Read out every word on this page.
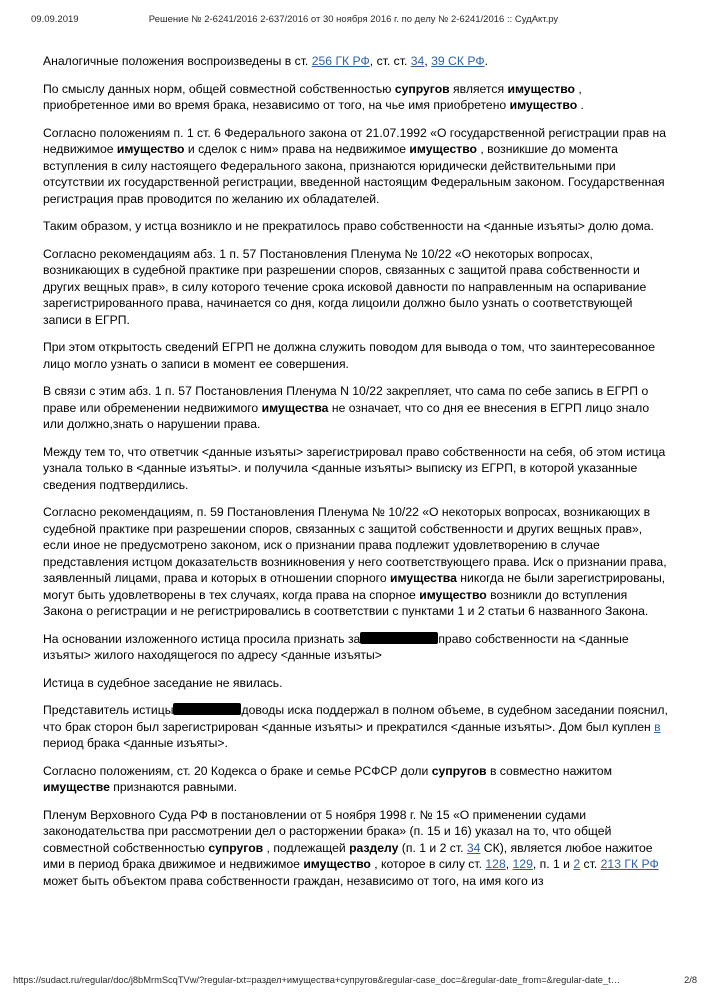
09.09.2019	Решение № 2-6241/2016 2-637/2016 от 30 ноября 2016 г. по делу № 2-6241/2016 :: СудАкт.ру

Аналогичные положения воспроизведены в ст. 256 ГК РФ, ст. ст. 34, 39 СК РФ.

По смыслу данных норм, общей совместной собственностью супругов является имущество , приобретенное ими во время брака, независимо от того, на чье имя приобретено имущество .

Согласно положениям п. 1 ст. 6 Федерального закона от 21.07.1992 «О государственной регистрации прав на недвижимое имущество и сделок с ним» права на недвижимое имущество , возникшие до момента вступления в силу настоящего Федерального закона, признаются юридически действительными при отсутствии их государственной регистрации, введенной настоящим Федеральным законом. Государственная регистрация прав проводится по желанию их обладателей.

Таким образом, у истца возникло и не прекратилось право собственности на <данные изъяты> долю дома.

Согласно рекомендациям абз. 1 п. 57 Постановления Пленума № 10/22 «О некоторых вопросах, возникающих в судебной практике при разрешении споров, связанных с защитой права собственности и других вещных прав», в силу которого течение срока исковой давности по направленным на оспаривание зарегистрированного права, начинается со дня, когда лицоили должно было узнать о соответствующей записи в ЕГРП.

При этом открытость сведений ЕГРП не должна служить поводом для вывода о том, что заинтересованное лицо могло узнать о записи в момент ее совершения.

В связи с этим абз. 1 п. 57 Постановления Пленума N 10/22 закрепляет, что сама по себе запись в ЕГРП о праве или обременении недвижимого имущества не означает, что со дня ее внесения в ЕГРП лицо знало или должно,знать о нарушении права.

Между тем то, что ответчик <данные изъяты> зарегистрировал право собственности на себя, об этом истица узнала только в <данные изъяты>. и получила <данные изъяты> выписку из ЕГРП, в которой указанные сведения подтвердились.

Согласно рекомендациям, п. 59 Постановления Пленума № 10/22 «О некоторых вопросах, возникающих в судебной практике при разрешении споров, связанных с защитой собственности и других вещных прав», если иное не предусмотрено законом, иск о признании права подлежит удовлетворению в случае представления истцом доказательств возникновения у него соответствующего права. Иск о признании права, заявленный лицами, права и которых в отношении спорного имущества никогда не были зарегистрированы, могут быть удовлетворены в тех случаях, когда права на спорное имущество возникли до вступления Закона о регистрации и не регистрировались в соответствии с пунктами 1 и 2 статьи 6 названного Закона.

На основании изложенного истица просила признать за	право собственности на <данные изъяты> жилого находящегося по адресу <данные изъяты>

Истица в судебное заседание не явилась.

Представитель истицы	доводы иска поддержал в полном объеме, в судебном заседании пояснил, что брак сторон был зарегистрирован <данные изъяты> и прекратился <данные изъяты>. Дом был куплен в период брака <данные изъяты>.

Согласно положениям, ст. 20 Кодекса о браке и семье РСФСР доли супругов в совместно нажитом имуществе признаются равными.

Пленум Верховного Суда РФ в постановлении от 5 ноября 1998 г. № 15 «О применении судами законодательства при рассмотрении дел о расторжении брака» (п. 15 и 16) указал на то, что общей совместной собственностью супругов , подлежащей разделу (п. 1 и 2 ст. 34 СК), является любое нажитое ими в период брака движимое и недвижимое имущество , которое в силу ст. 128, 129, п. 1 и 2 ст. 213 ГК РФ может быть объектом права собственности граждан, независимо от того, на имя кого из

https://sudact.ru/regular/doc/j8bMrmScqTVw/?regular-txt=раздел+имущества+супругов&regular-case_doc=&regular-date_from=&regular-date_t…	2/8
